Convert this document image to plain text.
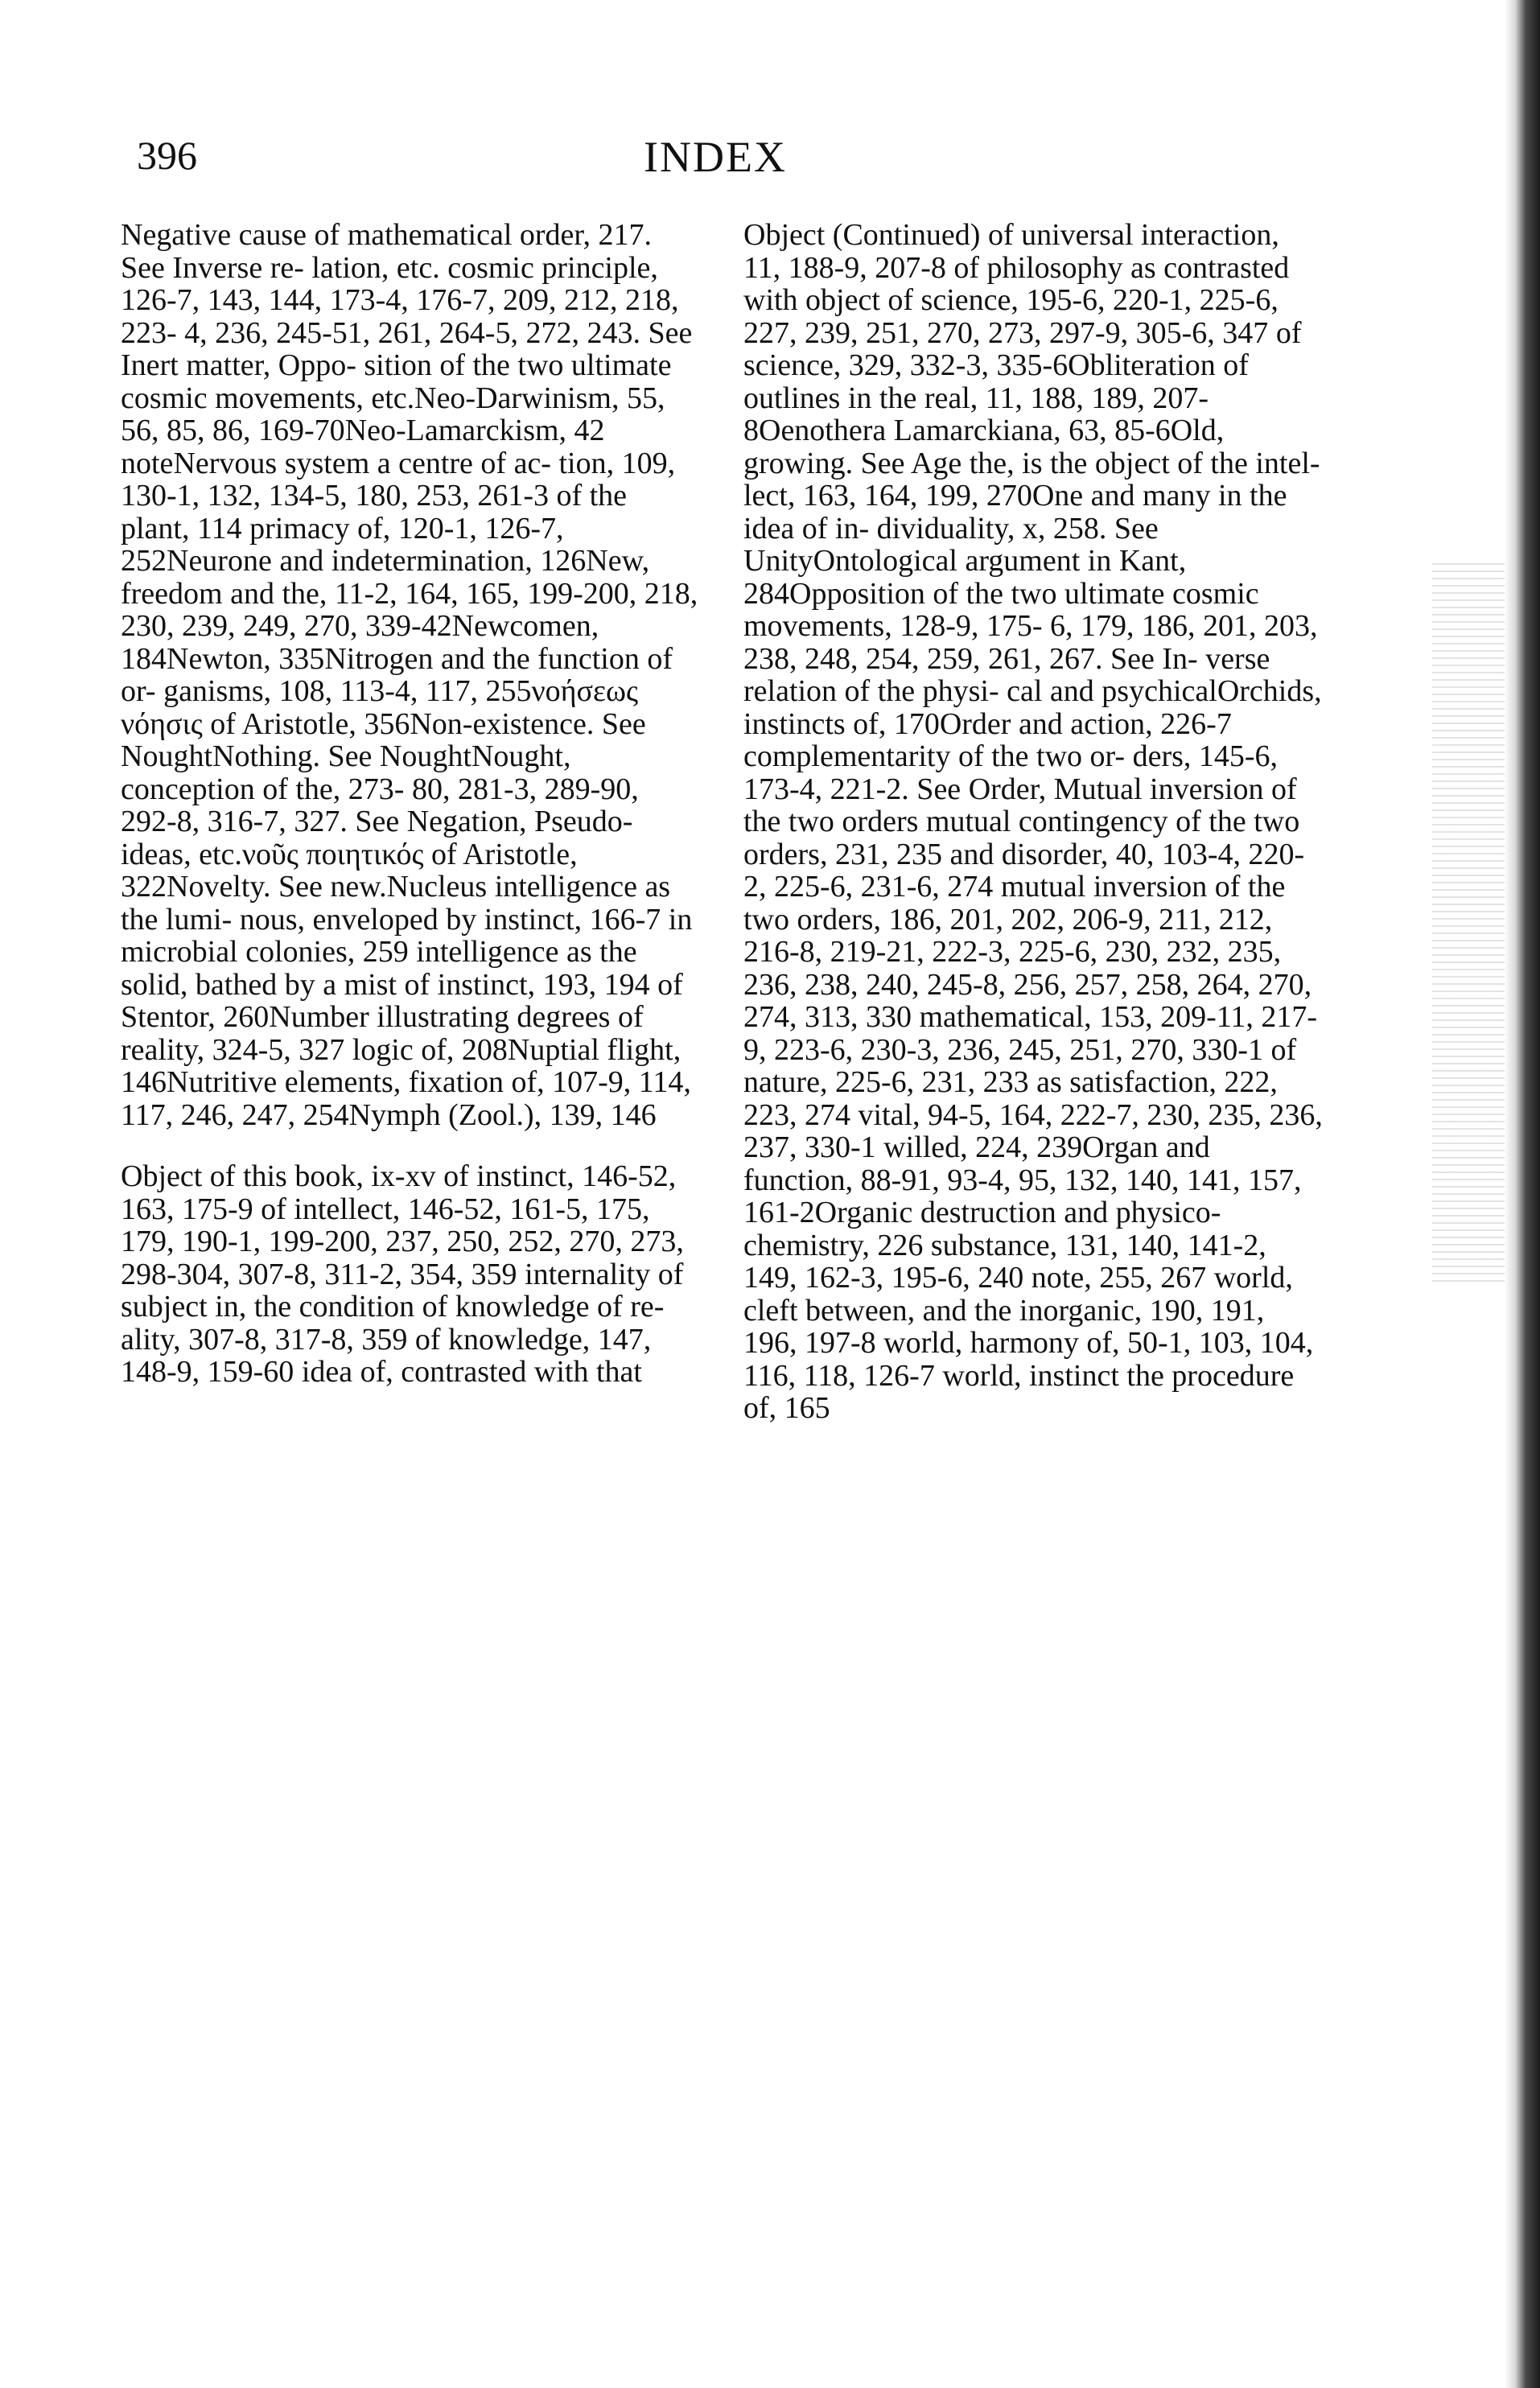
396	INDEX
Negative cause of mathematical order, 217. See Inverse re- lation, etc. cosmic principle, 126-7, 143, 144, 173-4, 176-7, 209, 212, 218, 223- 4, 236, 245-51, 261, 264-5, 272, 243. See Inert matter, Oppo- sition of the two ultimate cosmic movements, etc.Neo-Darwinism, 55, 56, 85, 86, 169-70Neo-Lamarckism, 42 noteNervous system a centre of ac- tion, 109, 130-1, 132, 134-5, 180, 253, 261-3 of the plant, 114 primacy of, 120-1, 126-7, 252Neurone and indetermination, 126New, freedom and the, 11-2, 164, 165, 199-200, 218, 230, 239, 249, 270, 339-42Newcomen, 184Newton, 335Nitrogen and the function of or- ganisms, 108, 113-4, 117, 255νοήσεως νόησις of Aristotle, 356Non-existence. See NoughtNothing. See NoughtNought, conception of the, 273- 80, 281-3, 289-90, 292-8, 316-7, 327. See Negation, Pseudo- ideas, etc.νοῦς ποιητικός of Aristotle, 322Novelty. See new.Nucleus intelligence as the lumi- nous, enveloped by instinct, 166-7 in microbial colonies, 259 intelligence as the solid, bathed by a mist of instinct, 193, 194 of Stentor, 260Number illustrating degrees of reality, 324-5, 327 logic of, 208Nuptial flight, 146Nutritive elements, fixation of, 107-9, 114, 117, 246, 247, 254Nymph (Zool.), 139, 146
Object of this book, ix-xv of instinct, 146-52, 163, 175-9 of intellect, 146-52, 161-5, 175, 179, 190-1, 199-200, 237, 250, 252, 270, 273, 298-304, 307-8, 311-2, 354, 359 internality of subject in, the condition of knowledge of re- ality, 307-8, 317-8, 359 of knowledge, 147, 148-9, 159-60 idea of, contrasted with that
Object (Continued) of universal interaction, 11, 188-9, 207-8 of philosophy as contrasted with object of science, 195-6, 220-1, 225-6, 227, 239, 251, 270, 273, 297-9, 305-6, 347 of science, 329, 332-3, 335-6Obliteration of outlines in the real, 11, 188, 189, 207-8Oenothera Lamarckiana, 63, 85-6Old, growing. See Age the, is the object of the intel- lect, 163, 164, 199, 270One and many in the idea of in- dividuality, x, 258. See UnityOntological argument in Kant, 284Opposition of the two ultimate cosmic movements, 128-9, 175- 6, 179, 186, 201, 203, 238, 248, 254, 259, 261, 267. See In- verse relation of the physi- cal and psychicalOrchids, instincts of, 170Order and action, 226-7 complementarity of the two or- ders, 145-6, 173-4, 221-2. See Order, Mutual inversion of the two orders mutual contingency of the two orders, 231, 235 and disorder, 40, 103-4, 220-2, 225-6, 231-6, 274 mutual inversion of the two orders, 186, 201, 202, 206-9, 211, 212, 216-8, 219-21, 222-3, 225-6, 230, 232, 235, 236, 238, 240, 245-8, 256, 257, 258, 264, 270, 274, 313, 330 mathematical, 153, 209-11, 217- 9, 223-6, 230-3, 236, 245, 251, 270, 330-1 of nature, 225-6, 231, 233 as satisfaction, 222, 223, 274 vital, 94-5, 164, 222-7, 230, 235, 236, 237, 330-1 willed, 224, 239Organ and function, 88-91, 93-4, 95, 132, 140, 141, 157, 161-2Organic destruction and physico- chemistry, 226 substance, 131, 140, 141-2, 149, 162-3, 195-6, 240 note, 255, 267 world, cleft between, and the inorganic, 190, 191, 196, 197-8 world, harmony of, 50-1, 103, 104, 116, 118, 126-7 world, instinct the procedure of, 165
